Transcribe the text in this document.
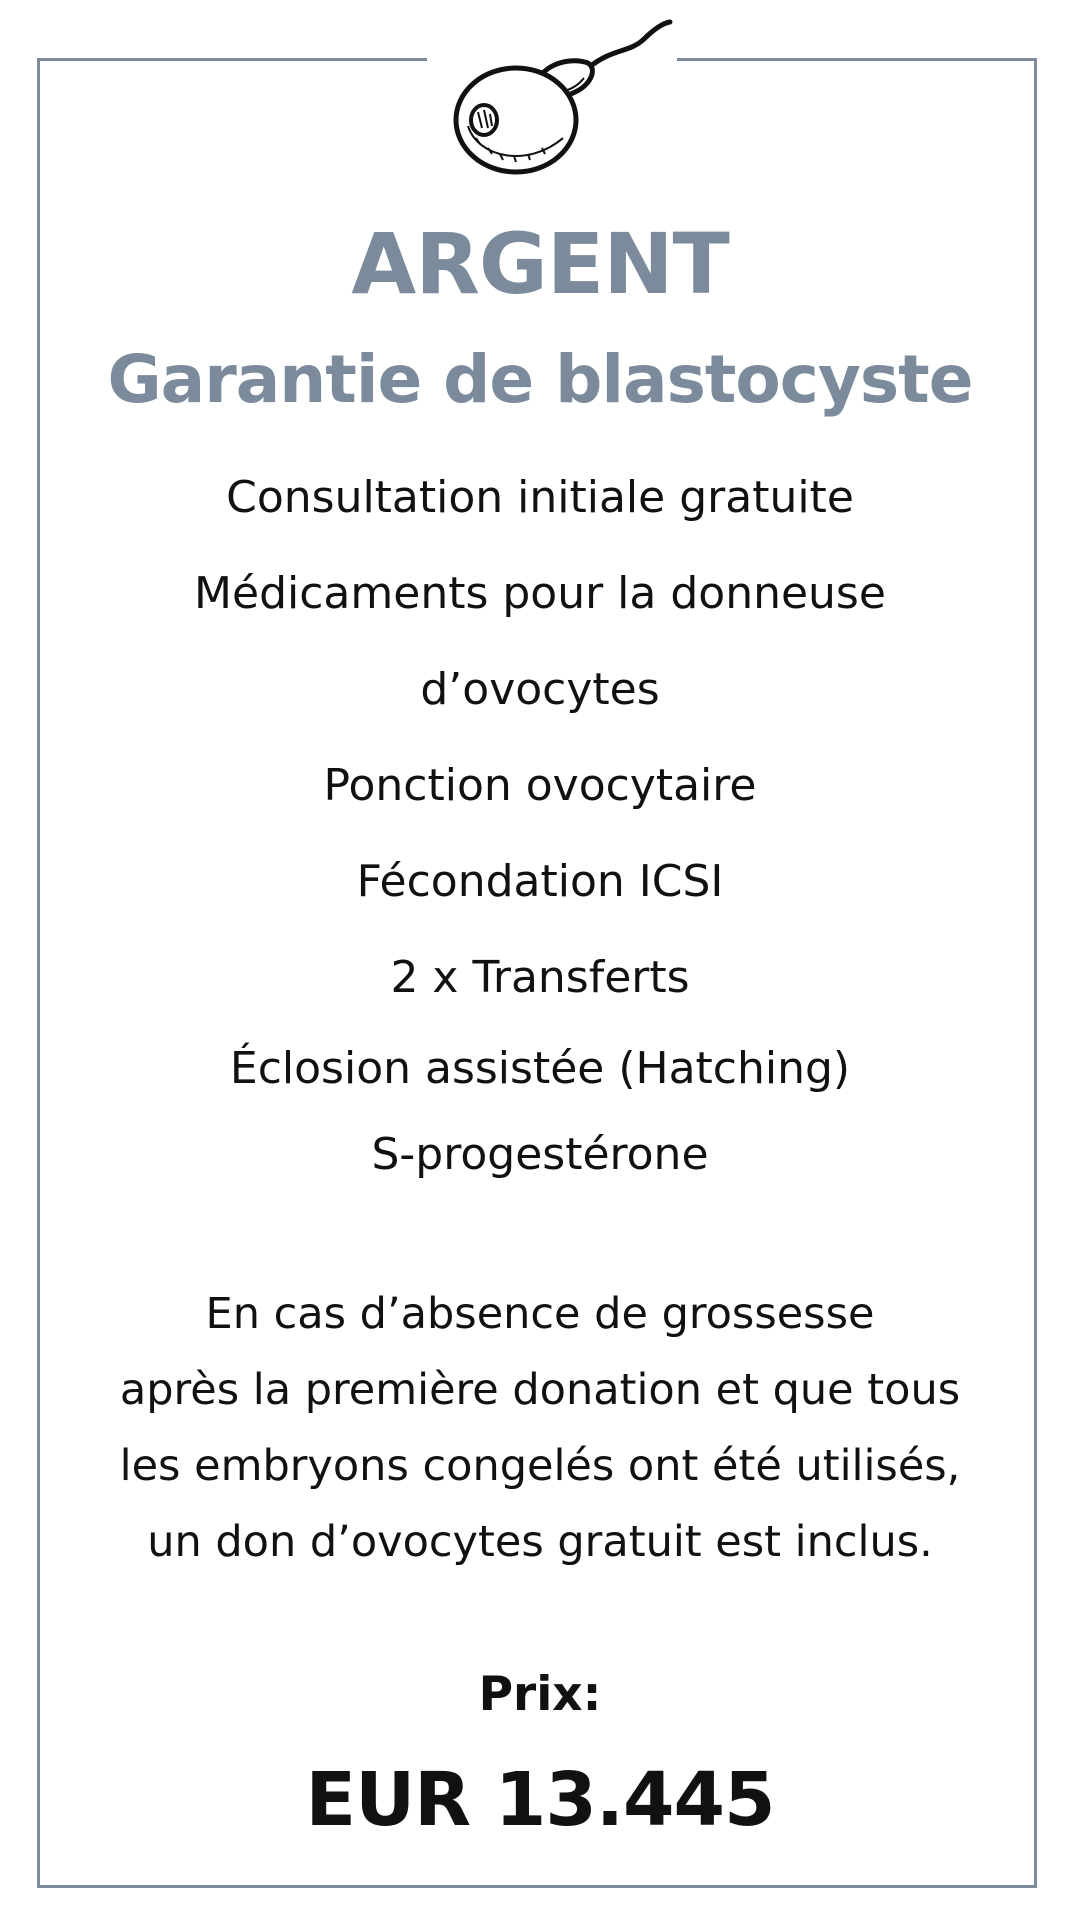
ARGENT
Garantie de blastocyste
Consultation initiale gratuite
Médicaments pour la donneuse
d’ovocytes
Ponction ovocytaire
Fécondation ICSI
2 x Transferts
Éclosion assistée (Hatching)
S-progestérone
En cas d’absence de grossesse
après la première donation et que tous
les embryons congelés ont été utilisés,
un don d’ovocytes gratuit est inclus.
Prix:
EUR 13.445
